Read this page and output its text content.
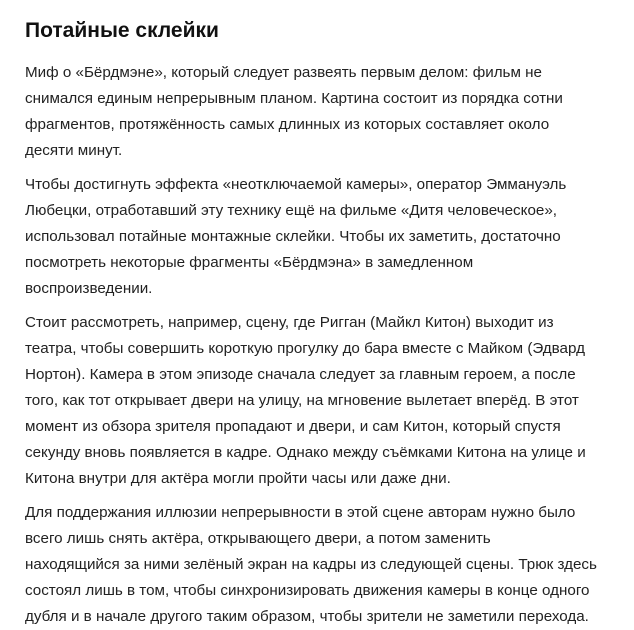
Потайные склейки

Миф о «Бёрдмэне», который следует развеять первым делом: фильм не
снимался единым непрерывным планом. Картина состоит из порядка сотни
фрагментов, протяжённость самых длинных из которых составляет около
десяти минут.

Чтобы достигнуть эффекта «неотключаемой камеры», оператор Эммануэль
Любецки, отработавший эту технику ещё на фильме «Дитя человеческое»,
использовал потайные монтажные склейки. Чтобы их заметить, достаточно
посмотреть некоторые фрагменты «Бёрдмэна» в замедленном
воспроизведении.

Стоит рассмотреть, например, сцену, где Ригган (Майкл Китон) выходит из
театра, чтобы совершить короткую прогулку до бара вместе с Майком (Эдвард
Нортон). Камера в этом эпизоде сначала следует за главным героем, а после
того, как тот открывает двери на улицу, на мгновение вылетает вперёд. В этот
момент из обзора зрителя пропадают и двери, и сам Китон, который спустя
секунду вновь появляется в кадре. Однако между съёмками Китона на улице и
Китона внутри для актёра могли пройти часы или даже дни.

Для поддержания иллюзии непрерывности в этой сцене авторам нужно было
всего лишь снять актёра, открывающего двери, а потом заменить
находящийся за ними зелёный экран на кадры из следующей сцены. Трюк здесь
состоял лишь в том, чтобы синхронизировать движения камеры в конце одного
дубля и в начале другого таким образом, чтобы зрители не заметили перехода.
